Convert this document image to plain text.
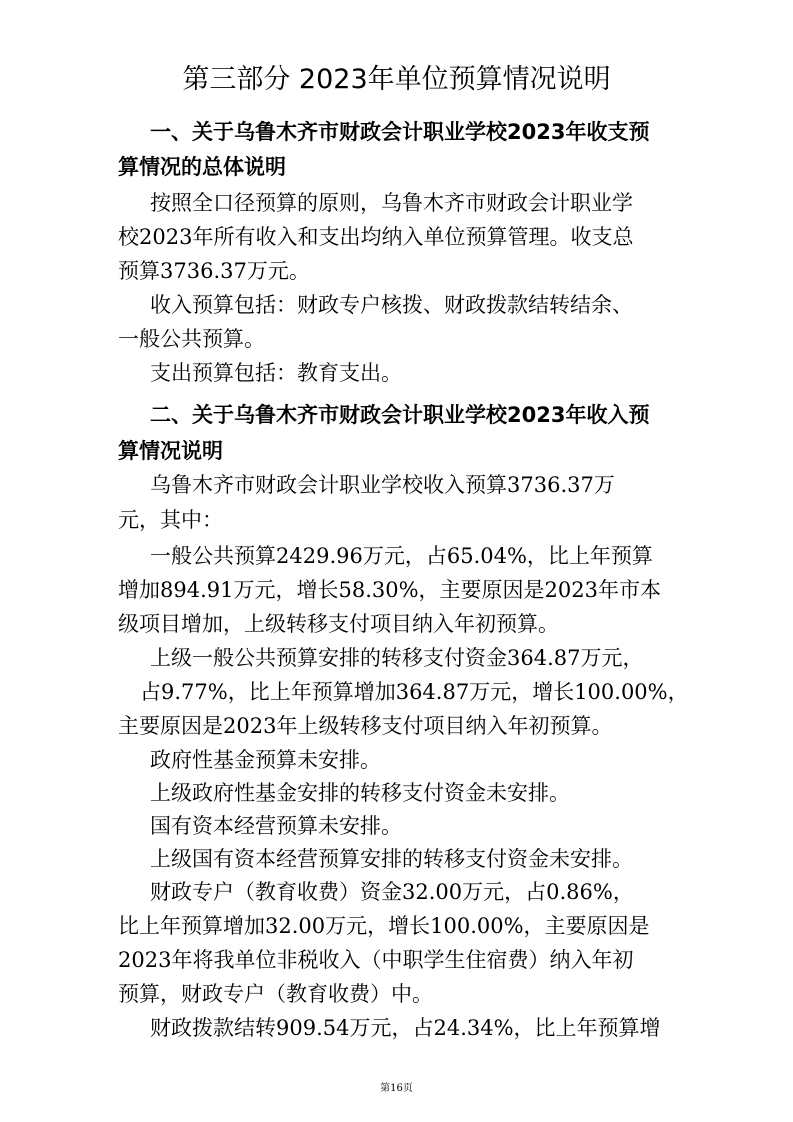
第三部分 2023年单位预算情况说明
一、关于乌鲁木齐市财政会计职业学校2023年收支预
算情况的总体说明
按照全口径预算的原则，乌鲁木齐市财政会计职业学
校2023年所有收入和支出均纳入单位预算管理。收支总
预算3736.37万元。
收入预算包括：财政专户核拨、财政拨款结转结余、
一般公共预算。
支出预算包括：教育支出。
二、关于乌鲁木齐市财政会计职业学校2023年收入预
算情况说明
乌鲁木齐市财政会计职业学校收入预算3736.37万
元，其中：
一般公共预算2429.96万元，占65.04%，比上年预算
增加894.91万元，增长58.30%，主要原因是2023年市本
级项目增加，上级转移支付项目纳入年初预算。
上级一般公共预算安排的转移支付资金364.87万元，
占9.77%，比上年预算增加364.87万元，增长100.00%，
主要原因是2023年上级转移支付项目纳入年初预算。
政府性基金预算未安排。
上级政府性基金安排的转移支付资金未安排。
国有资本经营预算未安排。
上级国有资本经营预算安排的转移支付资金未安排。
财政专户（教育收费）资金32.00万元，占0.86%，
比上年预算增加32.00万元，增长100.00%，主要原因是
2023年将我单位非税收入（中职学生住宿费）纳入年初
预算，财政专户（教育收费）中。
财政拨款结转909.54万元，占24.34%，比上年预算增
第16页
